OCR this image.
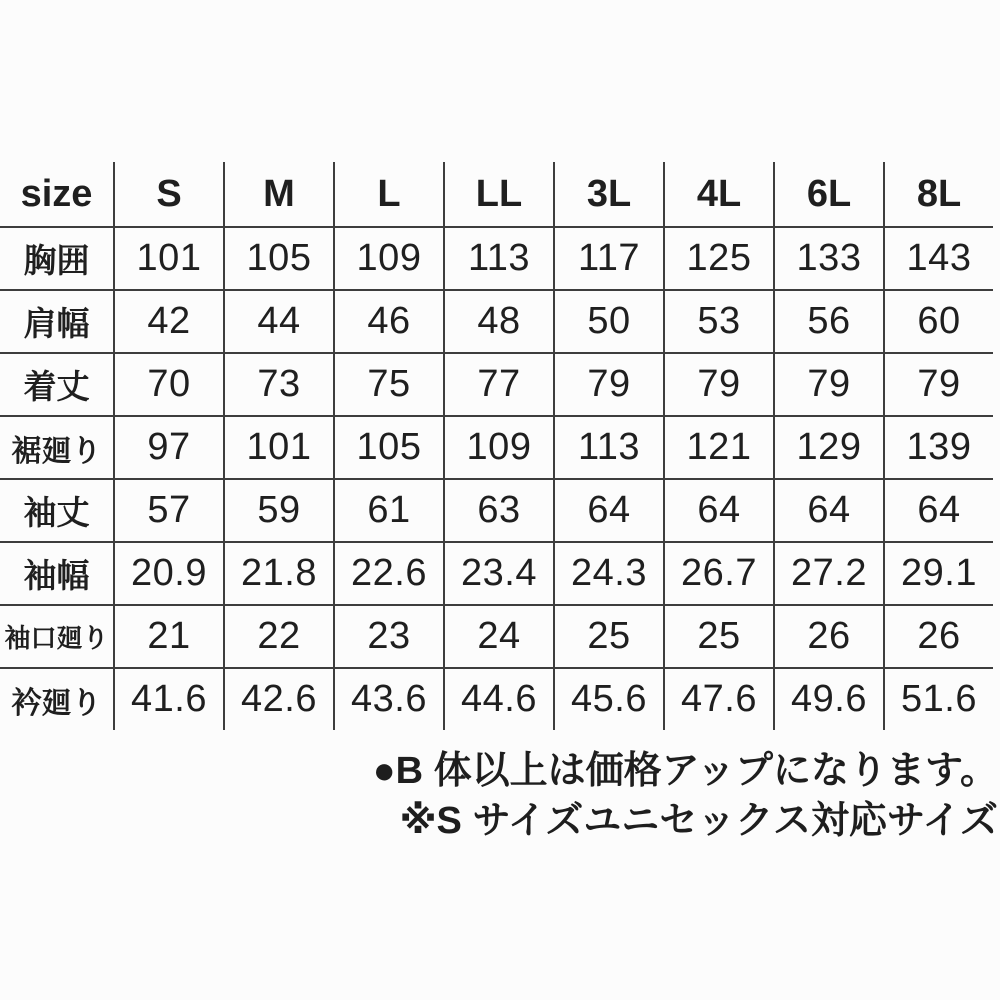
size	S	M	L	LL	3L	4L	6L	8L
胸囲	101	105	109	113	117	125	133	143
肩幅	42	44	46	48	50	53	56	60
着丈	70	73	75	77	79	79	79	79
裾廻り	97	101	105	109	113	121	129	139
袖丈	57	59	61	63	64	64	64	64
袖幅	20.9	21.8	22.6	23.4	24.3	26.7	27.2	29.1
袖口廻り	21	22	23	24	25	25	26	26
衿廻り	41.6	42.6	43.6	44.6	45.6	47.6	49.6	51.6
●B 体以上は価格アップになります。
※S サイズユニセックス対応サイズ
